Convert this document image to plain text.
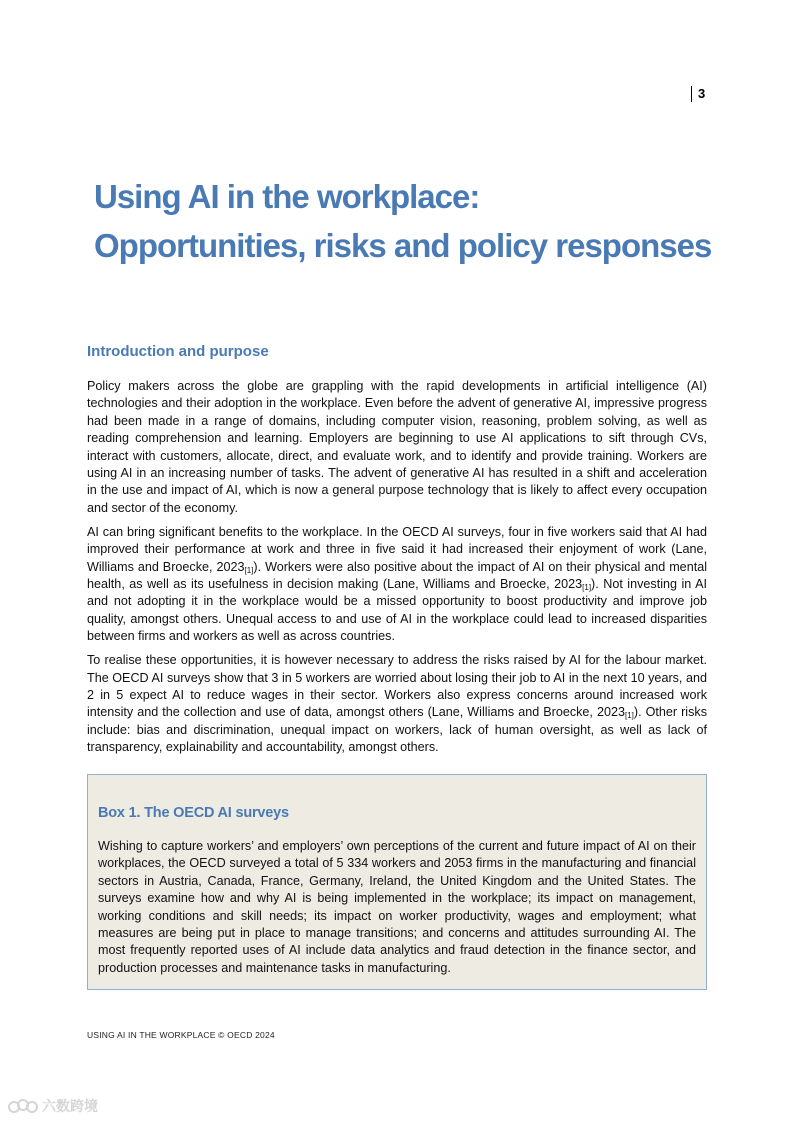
3
Using AI in the workplace:
Opportunities, risks and policy responses
Introduction and purpose

Policy makers across the globe are grappling with the rapid developments in artificial intelligence (AI) technologies and their adoption in the workplace. Even before the advent of generative AI, impressive progress had been made in a range of domains, including computer vision, reasoning, problem solving, as well as reading comprehension and learning. Employers are beginning to use AI applications to sift through CVs, interact with customers, allocate, direct, and evaluate work, and to identify and provide training. Workers are using AI in an increasing number of tasks. The advent of generative AI has resulted in a shift and acceleration in the use and impact of AI, which is now a general purpose technology that is likely to affect every occupation and sector of the economy.

AI can bring significant benefits to the workplace. In the OECD AI surveys, four in five workers said that AI had improved their performance at work and three in five said it had increased their enjoyment of work (Lane, Williams and Broecke, $2023_{[1]}$). Workers were also positive about the impact of AI on their physical and mental health, as well as its usefulness in decision making (Lane, Williams and Broecke, $2023_{[1]}$). Not investing in AI and not adopting it in the workplace would be a missed opportunity to boost productivity and improve job quality, amongst others. Unequal access to and use of AI in the workplace could lead to increased disparities between firms and workers as well as across countries.

To realise these opportunities, it is however necessary to address the risks raised by AI for the labour market. The OECD AI surveys show that 3 in 5 workers are worried about losing their job to AI in the next 10 years, and 2 in 5 expect AI to reduce wages in their sector. Workers also express concerns around increased work intensity and the collection and use of data, amongst others (Lane, Williams and Broecke, $2023_{[1]}$). Other risks include: bias and discrimination, unequal impact on workers, lack of human oversight, as well as lack of transparency, explainability and accountability, amongst others.

Box 1. The OECD AI surveys
Wishing to capture workers’ and employers’ own perceptions of the current and future impact of AI on their workplaces, the OECD surveyed a total of 5 334 workers and 2053 firms in the manufacturing and financial sectors in Austria, Canada, France, Germany, Ireland, the United Kingdom and the United States. The surveys examine how and why AI is being implemented in the workplace; its impact on management, working conditions and skill needs; its impact on worker productivity, wages and employment; what measures are being put in place to manage transitions; and concerns and attitudes surrounding AI. The most frequently reported uses of AI include data analytics and fraud detection in the finance sector, and production processes and maintenance tasks in manufacturing.
USING AI IN THE WORKPLACE © OECD 2024
六数跨境
